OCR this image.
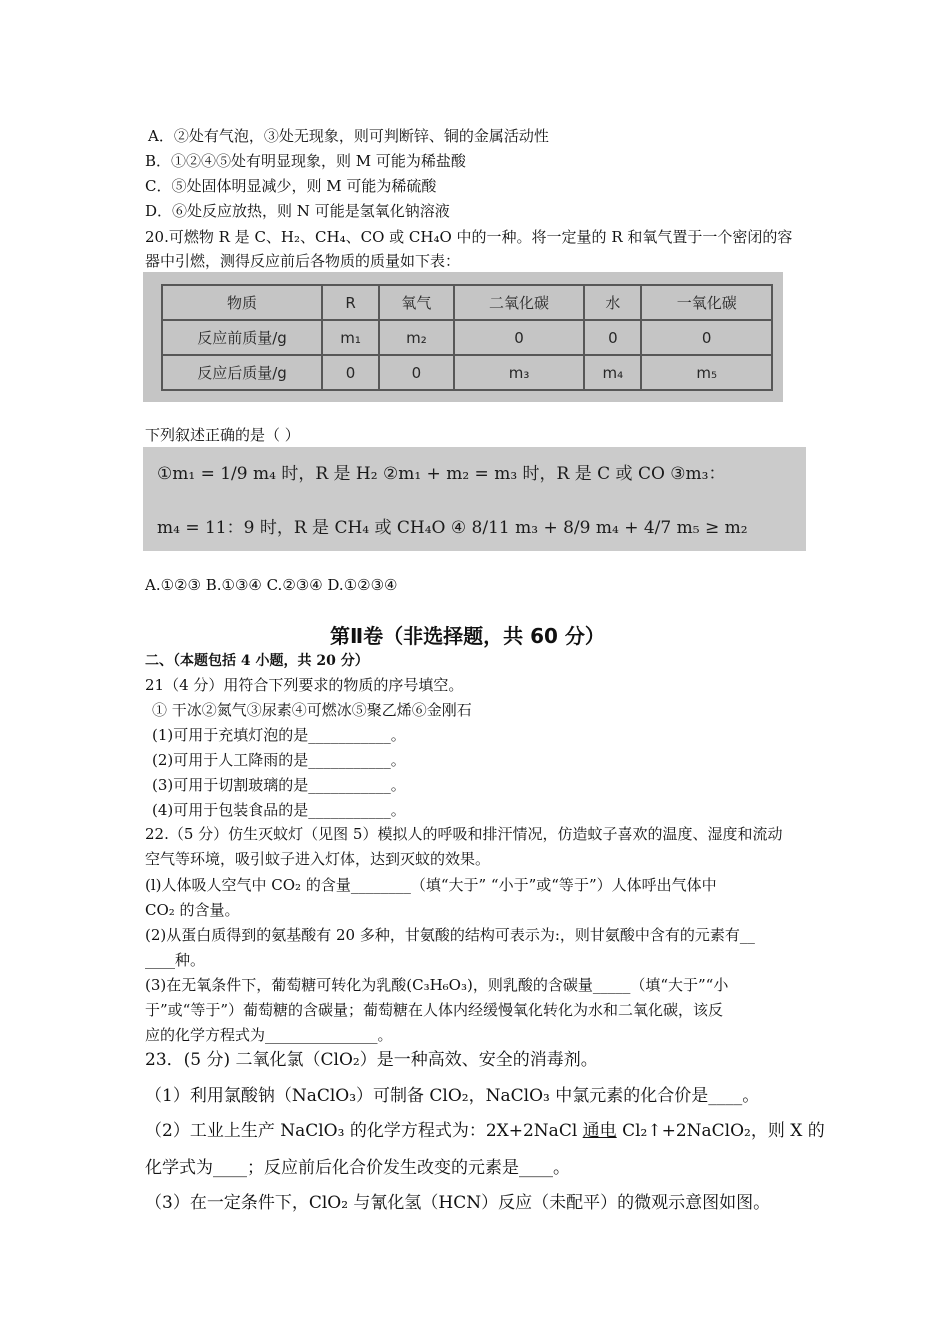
A．②处有气泡，③处无现象，则可判断锌、铜的金属活动性
B．①②④⑤处有明显现象，则 M 可能为稀盐酸
C．⑤处固体明显减少，则 M 可能为稀硫酸
D．⑥处反应放热，则 N 可能是氢氧化钠溶液
20.可燃物 R 是 C、H₂、CH₄、CO 或 CH₄O 中的一种。将一定量的 R 和氧气置于一个密闭的容
器中引燃，测得反应前后各物质的质量如下表：
物质	R	氧气	二氧化碳	水	一氧化碳
反应前质量/g	m₁	m₂	0	0	0
反应后质量/g	0	0	m₃	m₄	m₅
下列叙述正确的是（ ）
①m₁ = 1/9 m₄ 时，R 是 H₂ ②m₁ + m₂ = m₃ 时，R 是 C 或 CO ③m₃：
m₄ = 11：9 时，R 是 CH₄ 或 CH₄O ④ 8/11 m₃ + 8/9 m₄ + 4/7 m₅ ≥ m₂
A.①②③ B.①③④ C.②③④ D.①②③④
第Ⅱ卷（非选择题，共 60 分）
二、（本题包括 4 小题，共 20 分）
21（4 分）用符合下列要求的物质的序号填空。
① 干冰②氮气③尿素④可燃冰⑤聚乙烯⑥金刚石
(1)可用于充填灯泡的是___________。
(2)可用于人工降雨的是___________。
(3)可用于切割玻璃的是___________。
(4)可用于包装食品的是___________。
22.（5 分）仿生灭蚊灯（见图 5）模拟人的呼吸和排汗情况，仿造蚊子喜欢的温度、湿度和流动
空气等环境，吸引蚊子进入灯体，达到灭蚊的效果。
(l)人体吸人空气中 CO₂ 的含量________（填“大于” “小于”或“等于”）人体呼出气体中
CO₂ 的含量。
(2)从蛋白质得到的氨基酸有 20 多种，甘氨酸的结构可表示为:，则甘氨酸中含有的元素有__
____种。
(3)在无氧条件下，葡萄糖可转化为乳酸(C₃H₆O₃)，则乳酸的含碳量_____（填“大于”“小
于”或“等于”）葡萄糖的含碳量；葡萄糖在人体内经缓慢氧化转化为水和二氧化碳，该反
应的化学方程式为_______________。
23．(5 分) 二氧化氯（ClO₂）是一种高效、安全的消毒剂。
（1）利用氯酸钠（NaClO₃）可制备 ClO₂，NaClO₃ 中氯元素的化合价是____。
（2）工业上生产 NaClO₃ 的化学方程式为：2X+2NaCl 通电 Cl₂↑+2NaClO₂，则 X 的
化学式为____；反应前后化合价发生改变的元素是____。
（3）在一定条件下，ClO₂ 与氰化氢（HCN）反应（未配平）的微观示意图如图。
